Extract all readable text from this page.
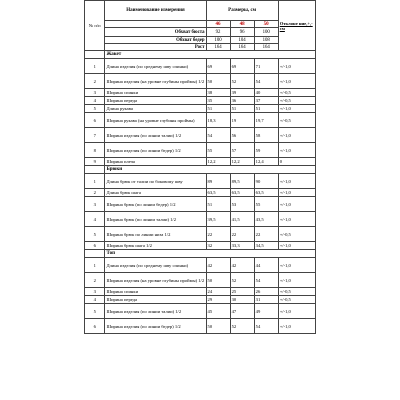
№ п/п	Наименование измерения	Размеры, см			Отклоне ние,+,- см
		46	48	50	
	Обхват бюста	92	96	100	
	Обхват бедер	100	104	108	
	Рост	164	164	164	
	Жакет				
1	Длина изделия (по среднему шву спинки)	69	69	71	+/-1,0
2	Ширина изделия (на уровне глубины проймы) 1/2	50	52	54	+/-1,0
3	Ширина спинки	38	39	40	+/-0,5
4	Ширина переда	35	36	37	+/-0,5
5	Длина рукава	51	51	51	+/-1,0
6	Ширина рукава (на уровне глубины проймы)	18,3	19	19,7	+/-0,5
7	Ширина изделия (по линии талии) 1/2	54	56	58	+/-1,0
8	Ширина изделия (по линии бедер) 1/2	55	57	59	+/-1,0
9	Ширина плеча	12,2	12,2	12,4	0
	Брюки				
1	Длина брюк от талии по боковому шву	89	89,5	90	+/-1,0
2	Длина брюк шага	63,5	63,5	63,5	+/-1,0
3	Ширина брюк (по линии бедер) 1/2	51	53	55	+/-1,0
4	Ширина брюк (по линии талии) 1/2	39,5	41,5	43,5	+/-1,0
5	Ширина брюк по линии низа 1/2	22	22	22	+/-0,5
6	Ширина брюк шага 1/2	32	33,3	34,5	+/-1,0
	Топ				
1	Длина изделия (по среднему шву спинки)	42	42	44	+/-1,0
2	Ширина изделия (на уровне глубины проймы) 1/2	50	52	54	+/-1,0
3	Ширина спинки	24	25	26	+/-0,5
4	Ширина переда	29	30	31	+/-0,5
5	Ширина изделия (по линии талии) 1/2	45	47	49	+/-1,0
6	Ширина изделия (по линии бедер) 1/2	50	52	54	+/-1,0
